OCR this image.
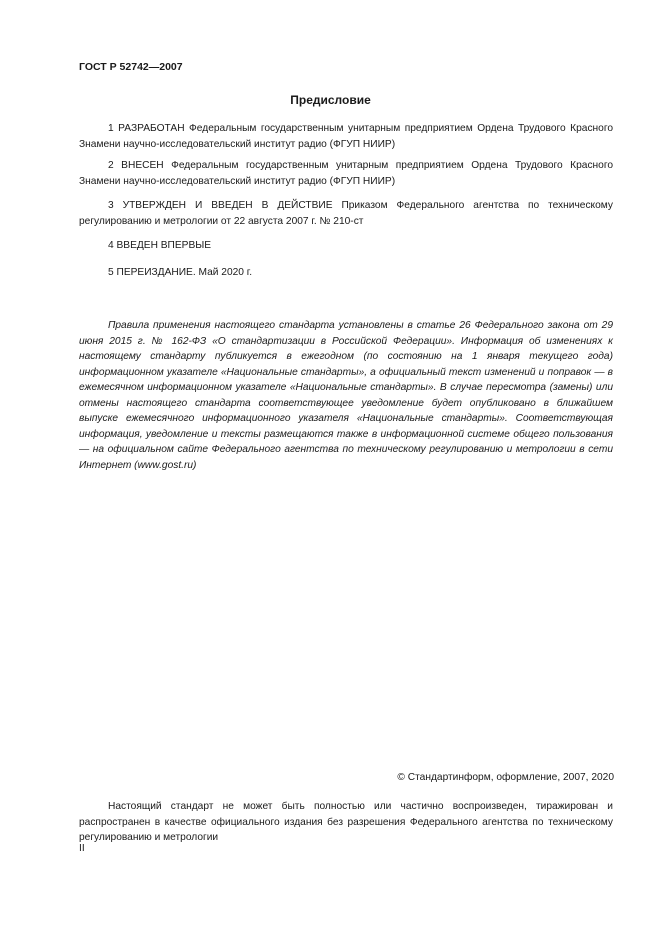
ГОСТ Р 52742—2007
Предисловие

1 РАЗРАБОТАН Федеральным государственным унитарным предприятием Ордена Трудового Красного Знамени научно-исследовательский институт радио (ФГУП НИИР)

2 ВНЕСЕН Федеральным государственным унитарным предприятием Ордена Трудового Красного Знамени научно-исследовательский институт радио (ФГУП НИИР)

3 УТВЕРЖДЕН И ВВЕДЕН В ДЕЙСТВИЕ Приказом Федерального агентства по техническому регулированию и метрологии от 22 августа 2007 г. № 210-ст

4 ВВЕДЕН ВПЕРВЫЕ

5 ПЕРЕИЗДАНИЕ. Май 2020 г.

Правила применения настоящего стандарта установлены в статье 26 Федерального закона от 29 июня 2015 г. № 162-ФЗ «О стандартизации в Российской Федерации». Информация об изменениях к настоящему стандарту публикуется в ежегодном (по состоянию на 1 января текущего года) информационном указателе «Национальные стандарты», а официальный текст изменений и поправок — в ежемесячном информационном указателе «Национальные стандарты». В случае пересмотра (замены) или отмены настоящего стандарта соответствующее уведомление будет опубликовано в ближайшем выпуске ежемесячного информационного указателя «Национальные стандарты». Соответствующая информация, уведомление и тексты размещаются также в информационной системе общего пользования — на официальном сайте Федерального агентства по техническому регулированию и метрологии в сети Интернет (www.gost.ru)

© Стандартинформ, оформление, 2007, 2020

Настоящий стандарт не может быть полностью или частично воспроизведен, тиражирован и распространен в качестве официального издания без разрешения Федерального агентства по техническому регулированию и метрологии

II
